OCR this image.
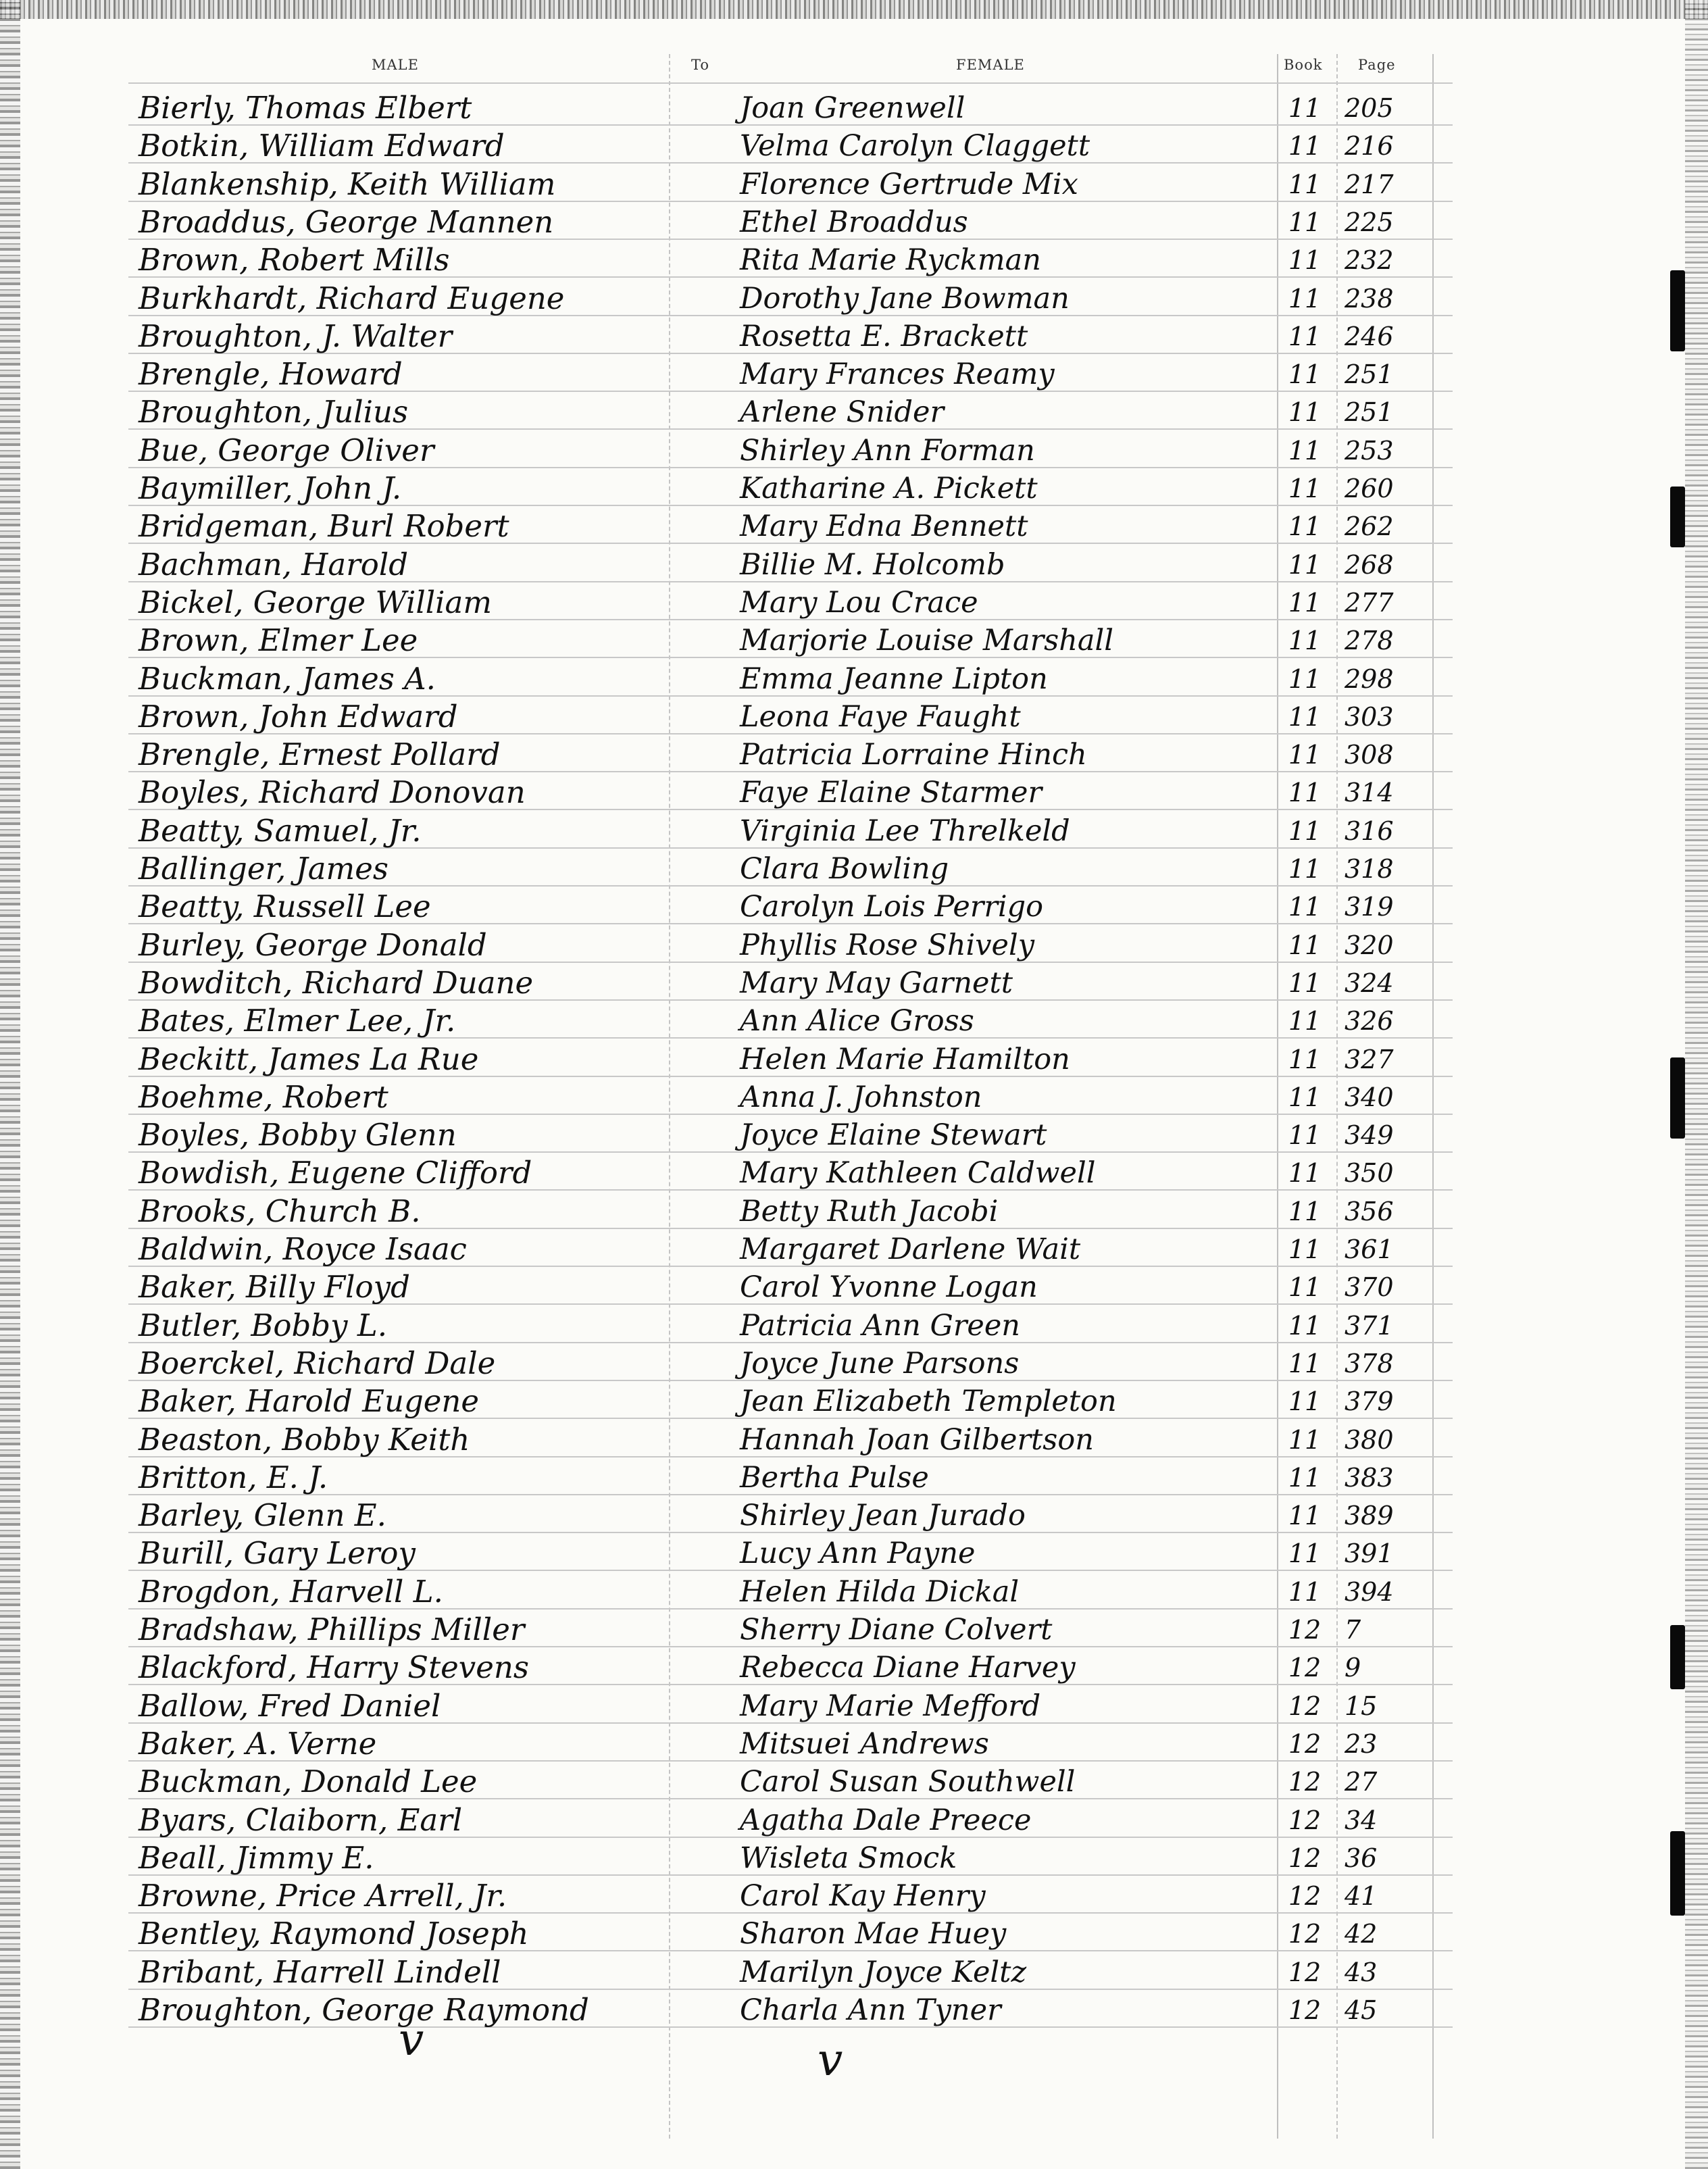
MALE	To	FEMALE	Book	Page
Bierly, Thomas Elbert	Joan Greenwell	11 205
Botkin, William Edward	Velma Carolyn Claggett	11 216
Blankenship, Keith William	Florence Gertrude Mix	11 217
Broaddus, George Mannen	Ethel Broaddus	11 225
Brown, Robert Mills	Rita Marie Ryckman	11 232
Burkhardt, Richard Eugene	Dorothy Jane Bowman	11 238
Broughton, J. Walter	Rosetta E. Brackett	11 246
Brengle, Howard	Mary Frances Reamy	11 251
Broughton, Julius	Arlene Snider	11 251
Bue, George Oliver	Shirley Ann Forman	11 253
Baymiller, John J.	Katharine A. Pickett	11 260
Bridgeman, Burl Robert	Mary Edna Bennett	11 262
Bachman, Harold	Billie M. Holcomb	11 268
Bickel, George William	Mary Lou Crace	11 277
Brown, Elmer Lee	Marjorie Louise Marshall	11 278
Buckman, James A.	Emma Jeanne Lipton	11 298
Brown, John Edward	Leona Faye Faught	11 303
Brengle, Ernest Pollard	Patricia Lorraine Hinch	11 308
Boyles, Richard Donovan	Faye Elaine Starmer	11 314
Beatty, Samuel, Jr.	Virginia Lee Threlkeld	11 316
Ballinger, James	Clara Bowling	11 318
Beatty, Russell Lee	Carolyn Lois Perrigo	11 319
Burley, George Donald	Phyllis Rose Shively	11 320
Bowditch, Richard Duane	Mary May Garnett	11 324
Bates, Elmer Lee, Jr.	Ann Alice Gross	11 326
Beckitt, James La Rue	Helen Marie Hamilton	11 327
Boehme, Robert	Anna J. Johnston	11 340
Boyles, Bobby Glenn	Joyce Elaine Stewart	11 349
Bowdish, Eugene Clifford	Mary Kathleen Caldwell	11 350
Brooks, Church B.	Betty Ruth Jacobi	11 356
Baldwin, Royce Isaac	Margaret Darlene Wait	11 361
Baker, Billy Floyd	Carol Yvonne Logan	11 370
Butler, Bobby L.	Patricia Ann Green	11 371
Boerckel, Richard Dale	Joyce June Parsons	11 378
Baker, Harold Eugene	Jean Elizabeth Templeton	11 379
Beaston, Bobby Keith	Hannah Joan Gilbertson	11 380
Britton, E. J.	Bertha Pulse	11 383
Barley, Glenn E.	Shirley Jean Jurado	11 389
Burill, Gary Leroy	Lucy Ann Payne	11 391
Brogdon, Harvell L.	Helen Hilda Dickal	11 394
Bradshaw, Phillips Miller	Sherry Diane Colvert	12 7
Blackford, Harry Stevens	Rebecca Diane Harvey	12 9
Ballow, Fred Daniel	Mary Marie Mefford	12 15
Baker, A. Verne	Mitsuei Andrews	12 23
Buckman, Donald Lee	Carol Susan Southwell	12 27
Byars, Claiborn, Earl	Agatha Dale Preece	12 34
Beall, Jimmy E.	Wisleta Smock	12 36
Browne, Price Arrell, Jr.	Carol Kay Henry	12 41
Bentley, Raymond Joseph	Sharon Mae Huey	12 42
Bribant, Harrell Lindell	Marilyn Joyce Keltz	12 43
Broughton, George Raymond	Charla Ann Tyner	12 45
v	v
